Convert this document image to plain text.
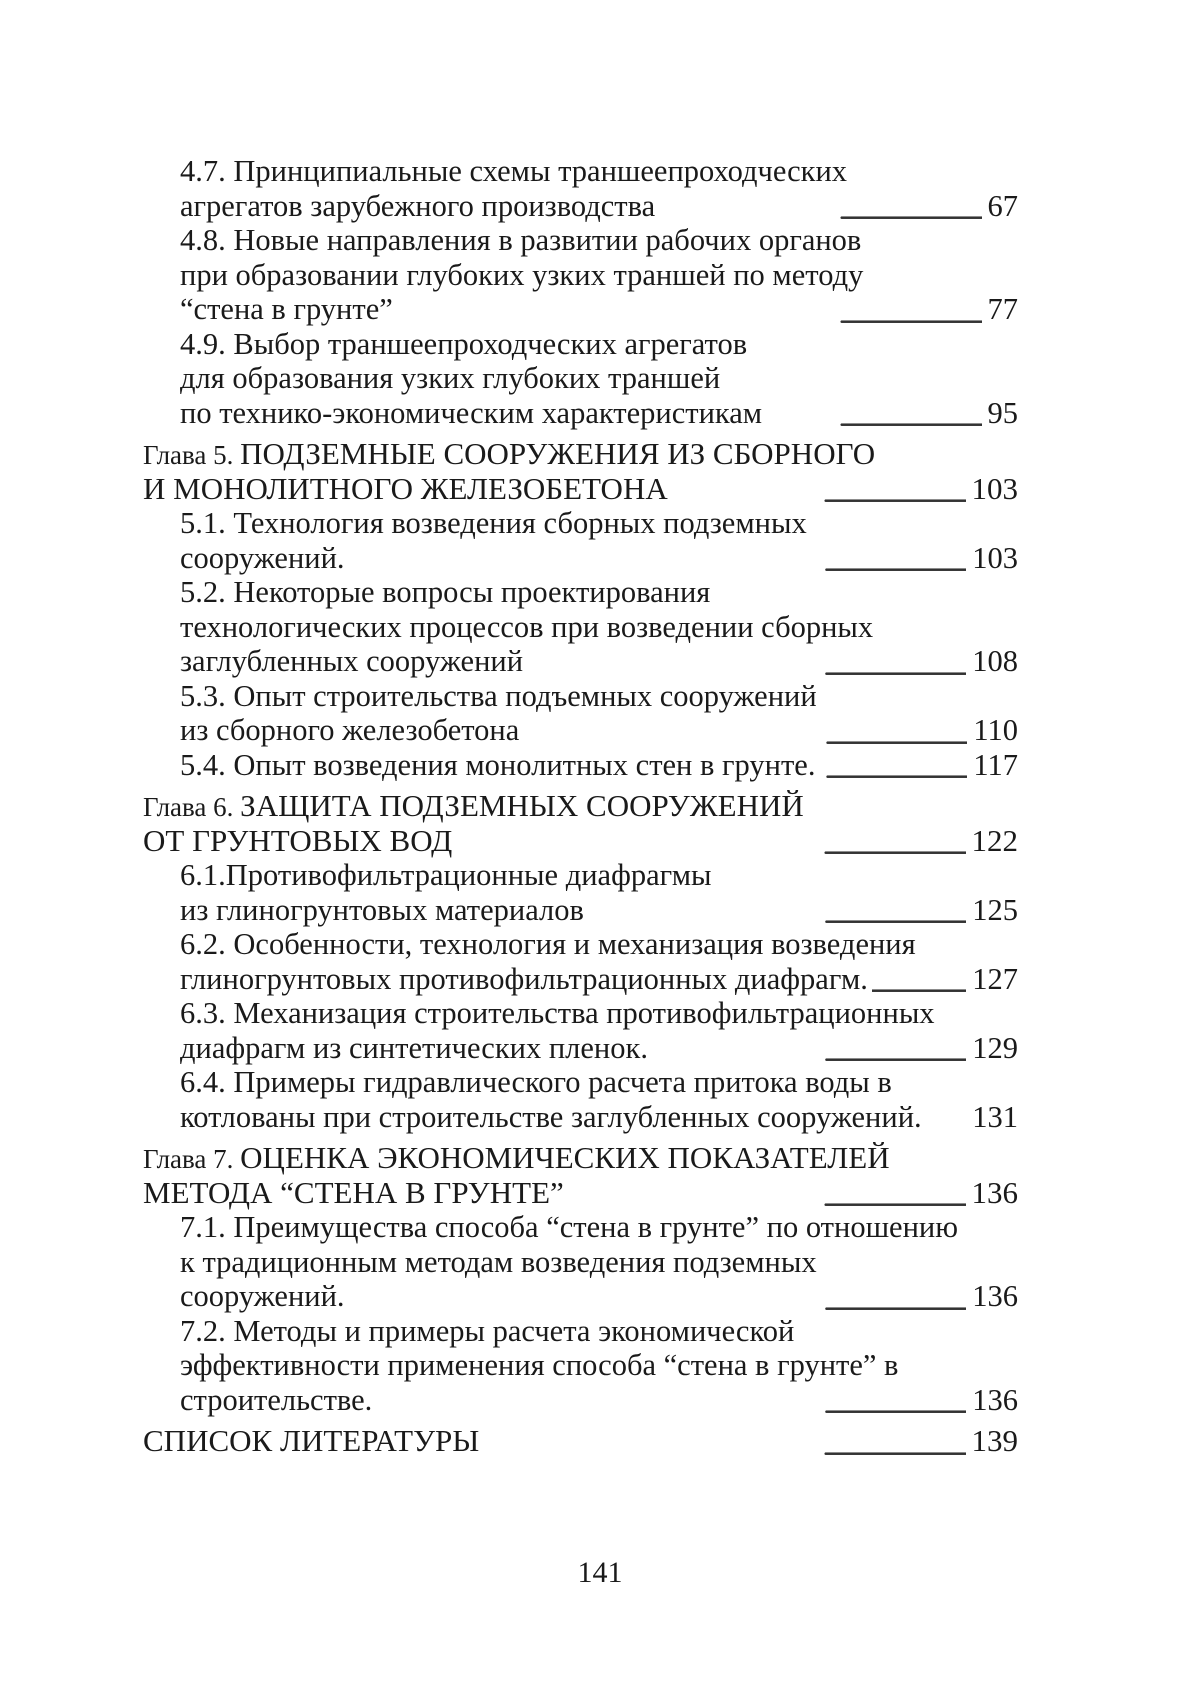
4.7. Принципиальные схемы траншеепроходческих
агрегатов зарубежного производства . . .	67
4.8. Новые направления в развитии рабочих органов
при образовании глубоких узких траншей по методу
“стена в грунте” . . .	77
4.9. Выбор траншеепроходческих агрегатов
для образования узких глубоких траншей
по технико-экономическим характеристикам . . .	95
Глава 5. ПОДЗЕМНЫЕ СООРУЖЕНИЯ ИЗ СБОРНОГО
И МОНОЛИТНОГО ЖЕЛЕЗОБЕТОНА . . .	103
5.1. Технология возведения сборных подземных
сооружений. . . .	103
5.2. Некоторые вопросы проектирования
технологических процессов при возведении сборных
заглубленных сооружений . . .	108
5.3. Опыт строительства подъемных сооружений
из сборного железобетона . . .	110
5.4. Опыт возведения монолитных стен в грунте. . . .	117
Глава 6. ЗАЩИТА ПОДЗЕМНЫХ СООРУЖЕНИЙ
ОТ ГРУНТОВЫХ ВОД . . .	122
6.1.Противофильтрационные диафрагмы
из глиногрунтовых материалов . . .	125
6.2. Особенности, технология и механизация возведения
глиногрунтовых противофильтрационных диафрагм. . . .	127
6.3. Механизация строительства противофильтрационных
диафрагм из синтетических пленок. . . .	129
6.4. Примеры гидравлического расчета притока воды в
котлованы при строительстве заглубленных сооружений. 131
Глава 7. ОЦЕНКА ЭКОНОМИЧЕСКИХ ПОКАЗАТЕЛЕЙ
МЕТОДА “СТЕНА В ГРУНТЕ” . . .	136
7.1. Преимущества способа “стена в грунте” по отношению
к традиционным методам возведения подземных
сооружений. . . .	136
7.2. Методы и примеры расчета экономической
эффективности применения способа “стена в грунте” в
строительстве. . . .	136
СПИСОК ЛИТЕРАТУРЫ . . .	139
141
